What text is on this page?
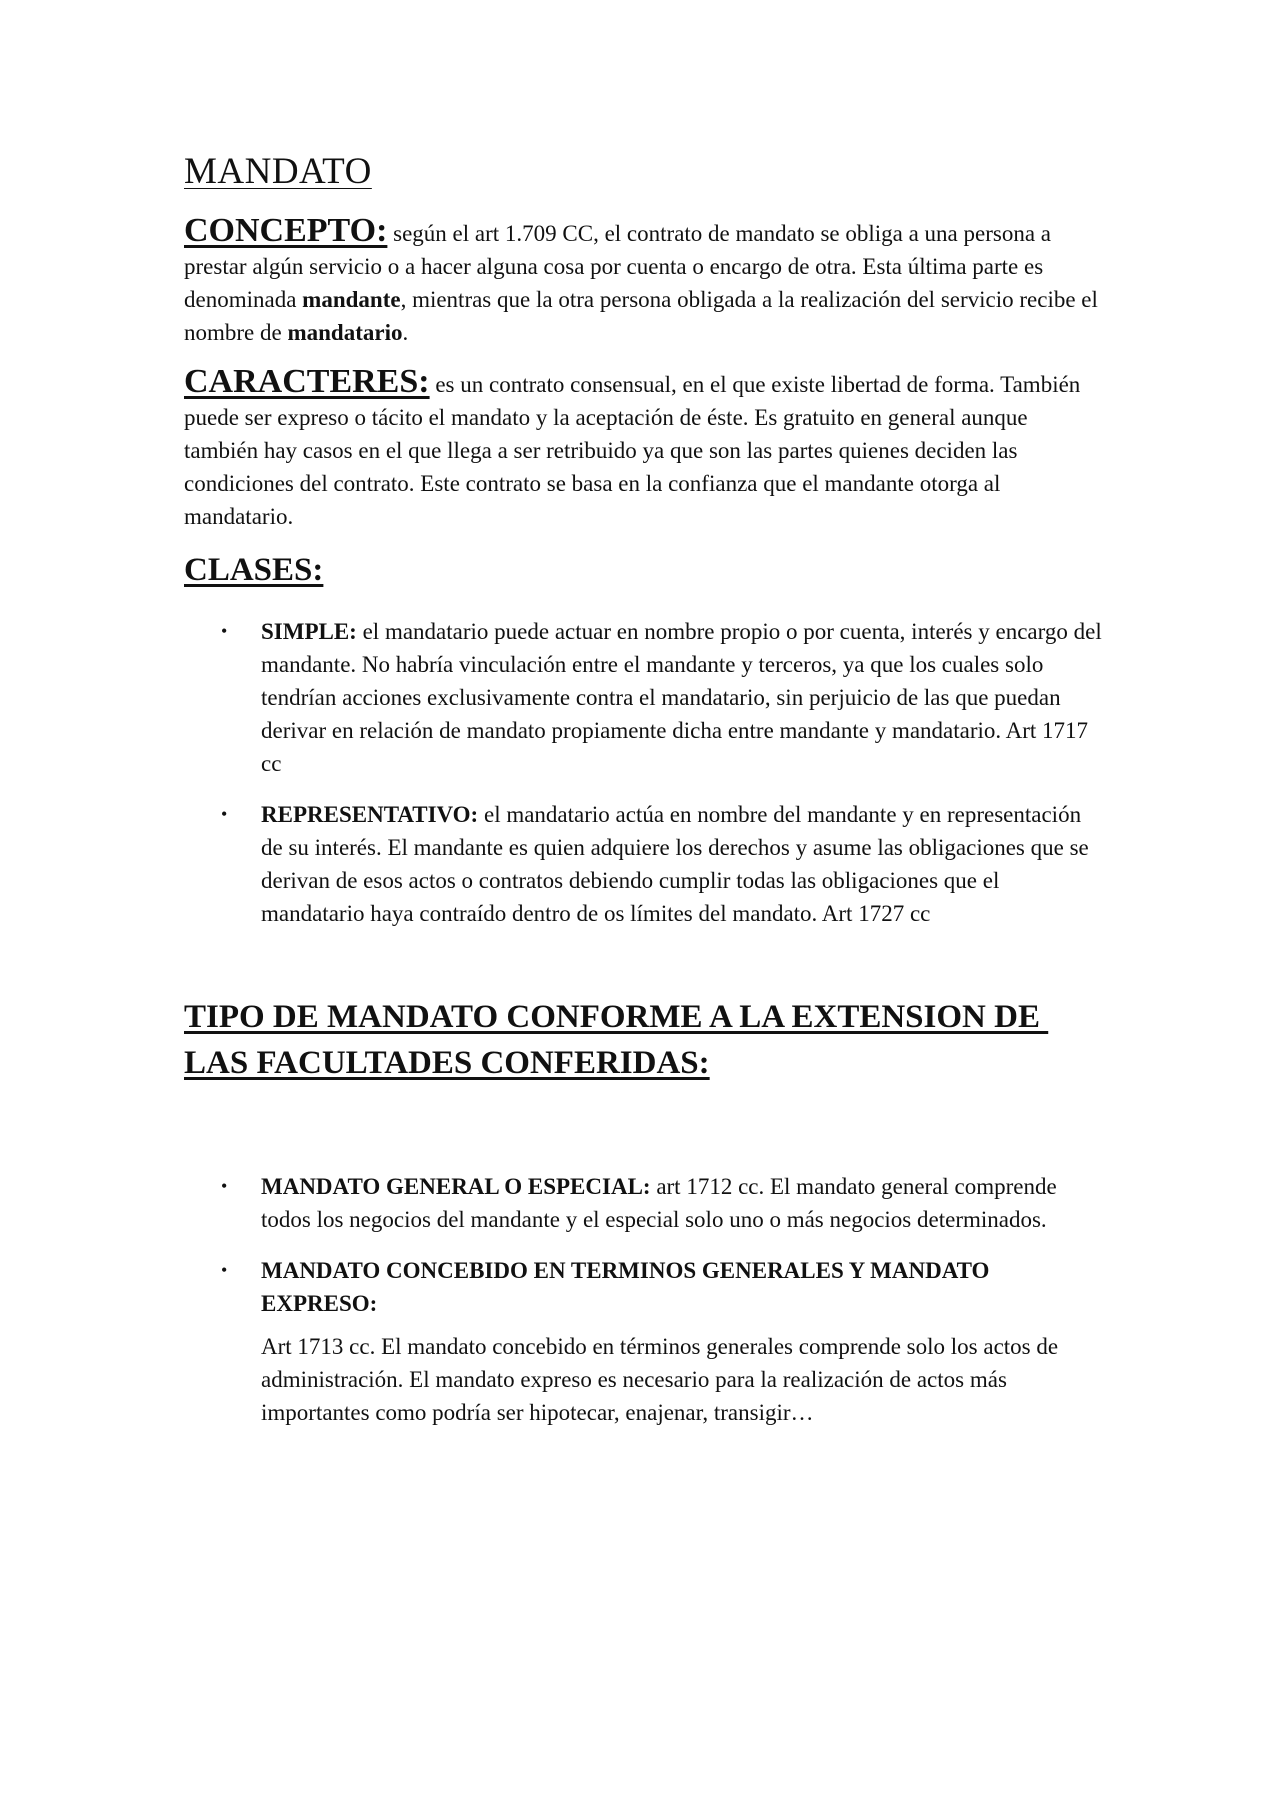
MANDATO

CONCEPTO: según el art 1.709 CC, el contrato de mandato se obliga a una persona a prestar algún servicio o a hacer alguna cosa por cuenta o encargo de otra. Esta última parte es denominada mandante, mientras que la otra persona obligada a la realización del servicio recibe el nombre de mandatario.

CARACTERES: es un contrato consensual, en el que existe libertad de forma. También puede ser expreso o tácito el mandato y la aceptación de éste. Es gratuito en general aunque también hay casos en el que llega a ser retribuido ya que son las partes quienes deciden las condiciones del contrato. Este contrato se basa en la confianza que el mandante otorga al mandatario.

CLASES:
• SIMPLE: el mandatario puede actuar en nombre propio o por cuenta, interés y encargo del mandante. No habría vinculación entre el mandante y terceros, ya que los cuales solo tendrían acciones exclusivamente contra el mandatario, sin perjuicio de las que puedan derivar en relación de mandato propiamente dicha entre mandante y mandatario. Art 1717 cc
• REPRESENTATIVO: el mandatario actúa en nombre del mandante y en representación de su interés. El mandante es quien adquiere los derechos y asume las obligaciones que se derivan de esos actos o contratos debiendo cumplir todas las obligaciones que el mandatario haya contraído dentro de os límites del mandato. Art 1727 cc
TIPO DE MANDATO CONFORME A LA EXTENSION DE
LAS FACULTADES CONFERIDAS:
• MANDATO GENERAL O ESPECIAL: art 1712 cc. El mandato general comprende todos los negocios del mandante y el especial solo uno o más negocios determinados.
• MANDATO CONCEBIDO EN TERMINOS GENERALES Y MANDATO EXPRESO:

Art 1713 cc. El mandato concebido en términos generales comprende solo los actos de administración. El mandato expreso es necesario para la realización de actos más importantes como podría ser hipotecar, enajenar, transigir…
